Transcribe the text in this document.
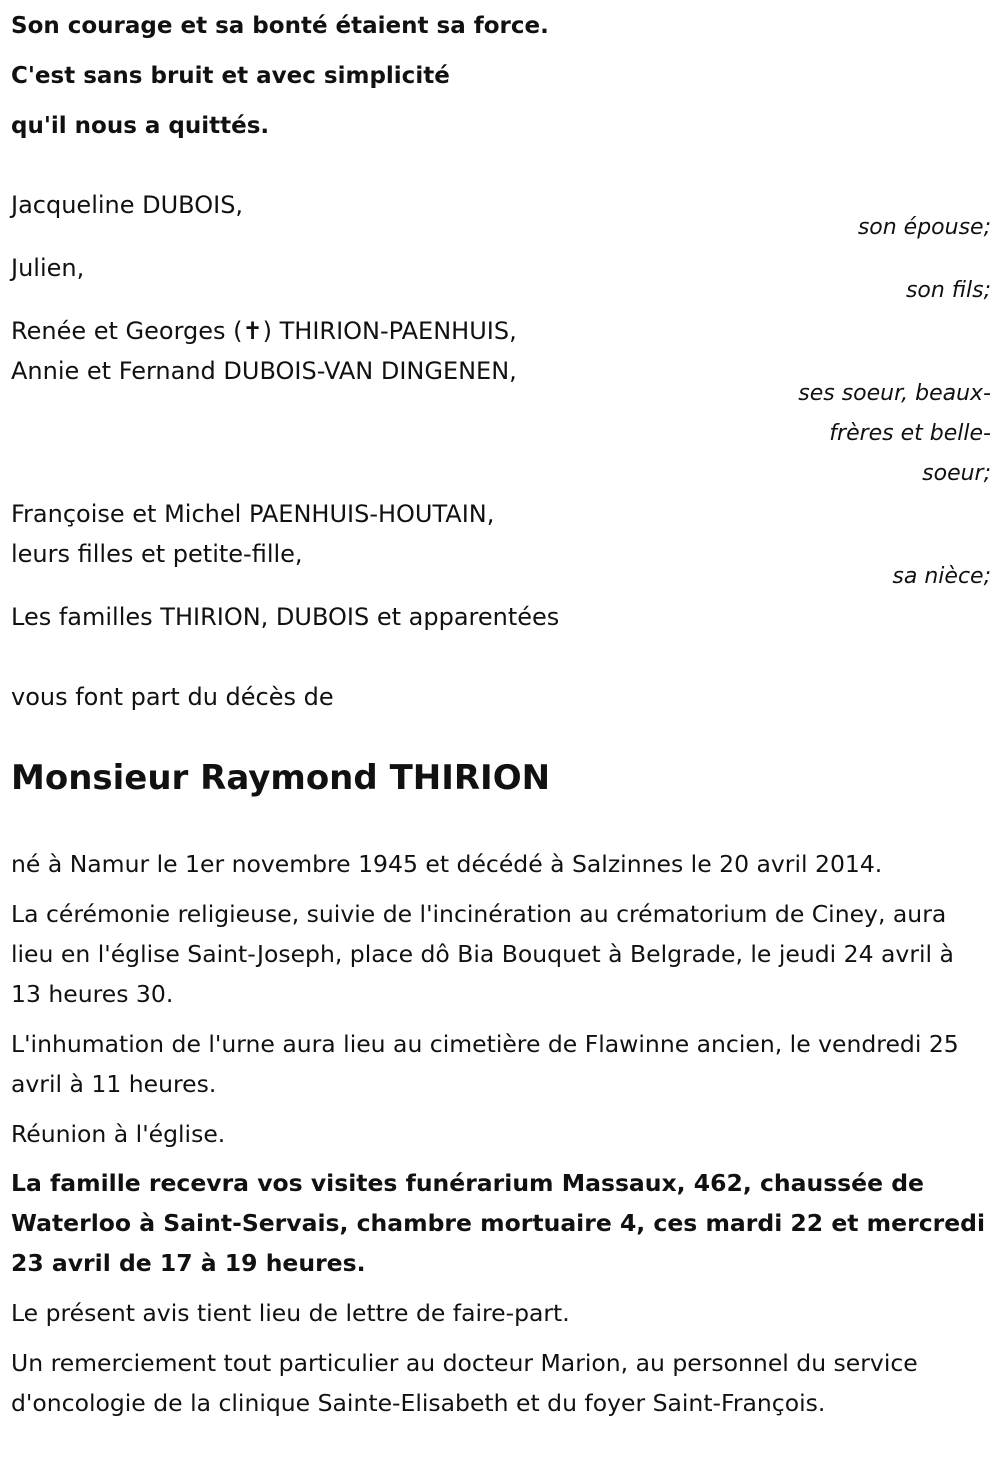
Son courage et sa bonté étaient sa force.
C'est sans bruit et avec simplicité
qu'il nous a quittés.
Jacqueline DUBOIS,
son épouse;
Julien,
son fils;
Renée et Georges (✝) THIRION-PAENHUIS,
Annie et Fernand DUBOIS-VAN DINGENEN,
ses soeur, beaux-
frères et belle-
soeur;
Françoise et Michel PAENHUIS-HOUTAIN,
leurs filles et petite-fille,
sa nièce;
Les familles THIRION, DUBOIS et apparentées
vous font part du décès de
Monsieur Raymond THIRION
né à Namur le 1er novembre 1945 et décédé à Salzinnes le 20 avril 2014.
La cérémonie religieuse, suivie de l'incinération au crématorium de Ciney, aura lieu en l'église Saint-Joseph, place dô Bia Bouquet à Belgrade, le jeudi 24 avril à 13 heures 30.
L'inhumation de l'urne aura lieu au cimetière de Flawinne ancien, le vendredi 25 avril à 11 heures.
Réunion à l'église.
La famille recevra vos visites funérarium Massaux, 462, chaussée de Waterloo à Saint-Servais, chambre mortuaire 4, ces mardi 22 et mercredi 23 avril de 17 à 19 heures.
Le présent avis tient lieu de lettre de faire-part.
Un remerciement tout particulier au docteur Marion, au personnel du service d'oncologie de la clinique Sainte-Elisabeth et du foyer Saint-François.
